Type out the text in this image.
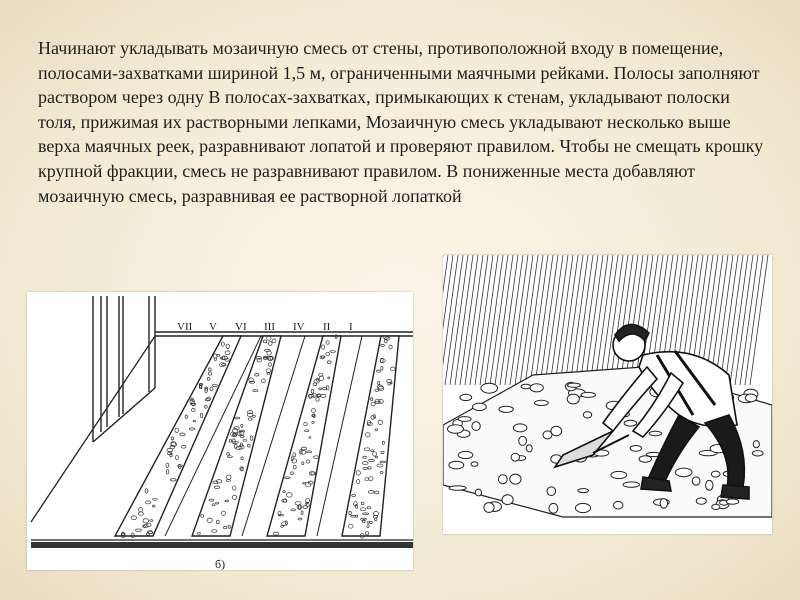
Начинают укладывать мозаичную смесь от стены, противоположной входу в помещение, полосами-захватками шириной 1,5 м, ограниченными маячными рейками. Полосы заполняют раствором через одну В полосах-захватках, примыкающих к стенам, укладывают полоски толя, прижимая их растворными лепками, Мозаичную смесь укладывают несколько выше верха маячных реек, разравнивают лопатой и проверяют правилом. Чтобы не смещать крошку крупной фракции, смесь не разравнивают правилом. В пониженные места добавляют мозаичную смесь, разравнивая ее растворной лопаткой
VII V VI III IV II I
б)
